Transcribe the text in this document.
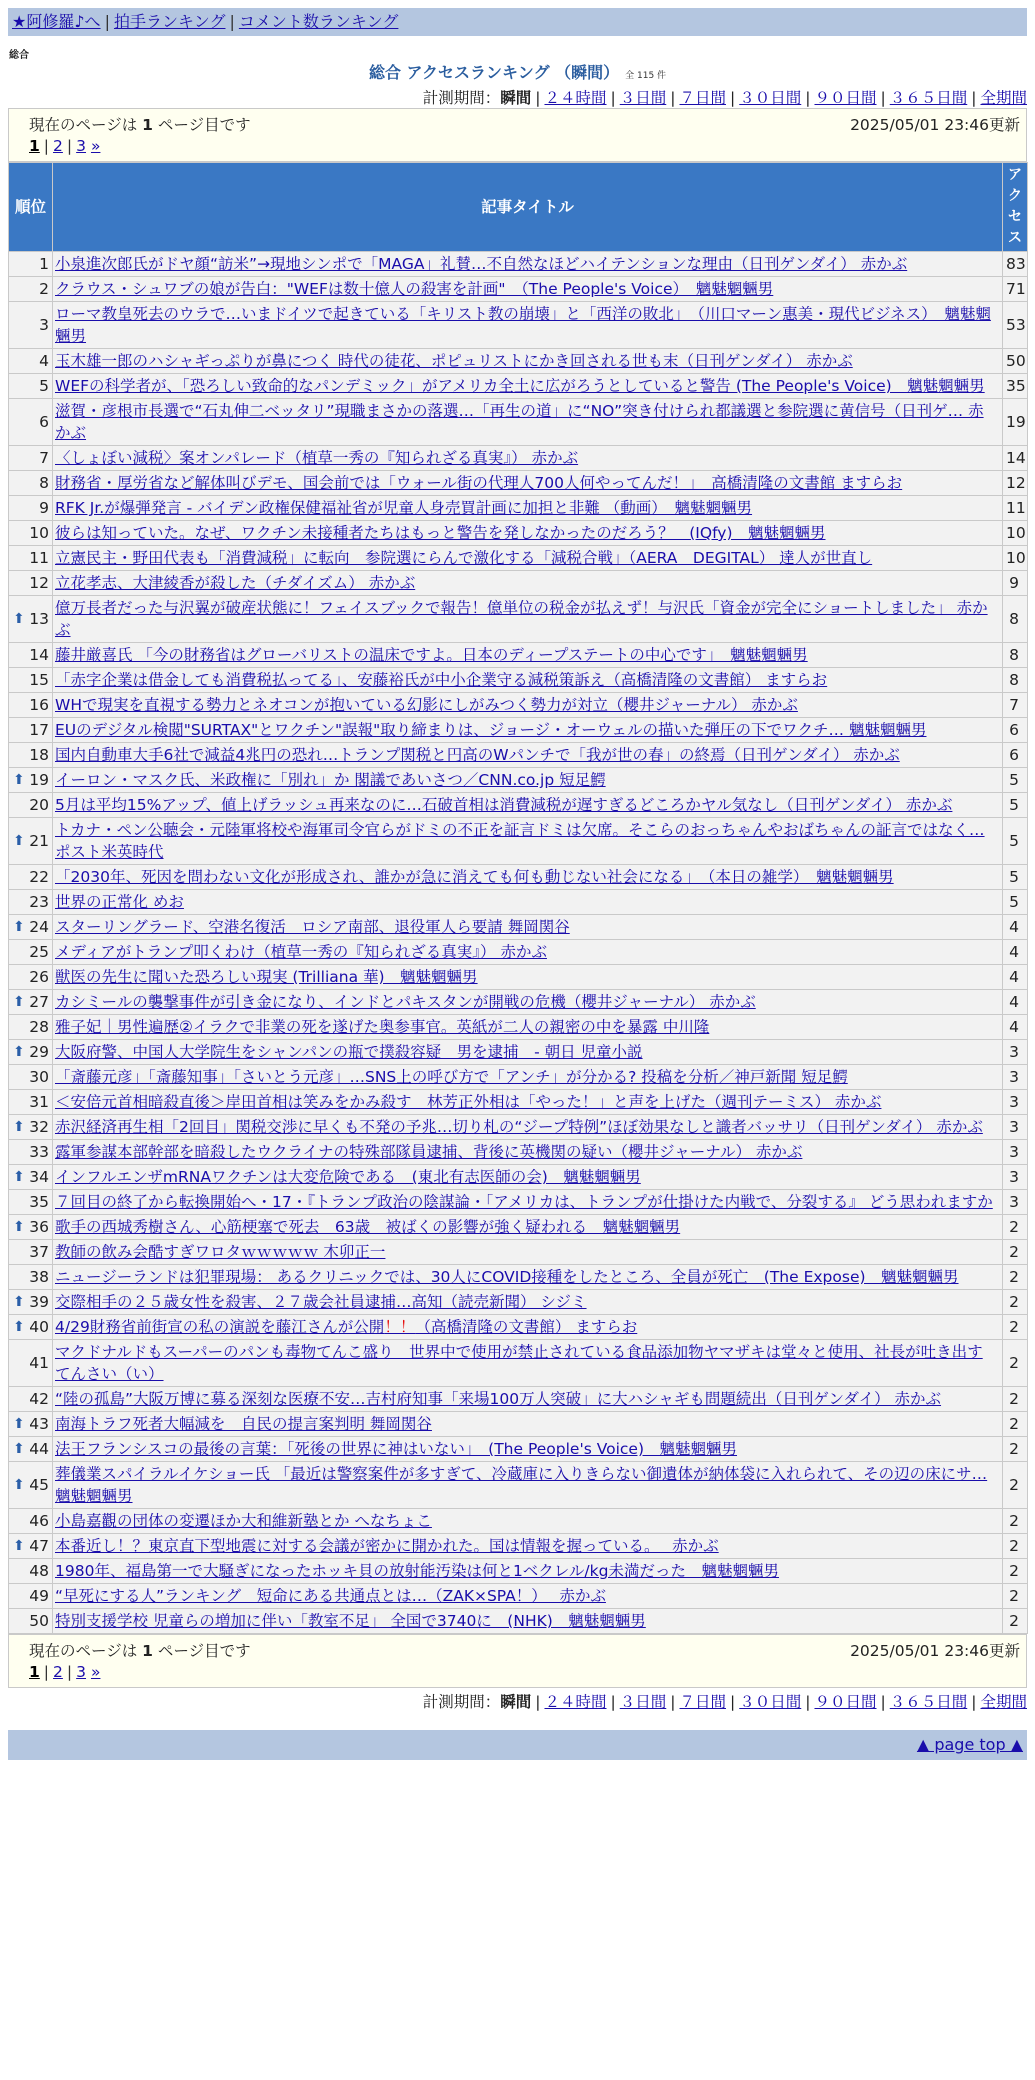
★阿修羅♪へ | 拍手ランキング | コメント数ランキング
総合
総合 アクセスランキング （瞬間） 全 115 件
計測期間：瞬間 | ２４時間 | ３日間 | ７日間 | ３０日間 | ９０日間 | ３６５日間 | 全期間
現在のページは 1 ページ目です	2025/05/01 23:46更新
1 | 2 | 3 »
順位	記事タイトル	アクセス
1	小泉進次郎氏がドヤ顔“訪米”→現地シンポで「MAGA」礼賛…不自然なほどハイテンションな理由（日刊ゲンダイ） 赤かぶ	83
2	クラウス・シュワブの娘が告白："WEFは数十億人の殺害を計画"　（The People's Voice）　魑魅魍魎男	71
3	ローマ教皇死去のウラで…いまドイツで起きている「キリスト教の崩壊」と「西洋の敗北」　（川口マーン惠美・現代ビジネス）　魑魅魍魎男	53
4	玉木雄一郎のハシャギっぷりが鼻につく 時代の徒花、ポピュリストにかき回される世も末（日刊ゲンダイ） 赤かぶ	50
5	WEFの科学者が、「恐ろしい致命的なパンデミック」がアメリカ全土に広がろうとしていると警告 (The People's Voice)　魑魅魍魎男	35
6	滋賀・彦根市長選で“石丸伸二ベッタリ”現職まさかの落選…「再生の道」に“NO”突き付けられ都議選と参院選に黄信号（日刊ゲ… 赤かぶ	19
7	〈しょぼい減税〉案オンパレード（植草一秀の『知られざる真実』） 赤かぶ	14
8	財務省・厚労省など解体叫びデモ、国会前では「ウォール街の代理人700人何やってんだ！」　高橋清隆の文書館 ますらお	12
9	RFK Jr.が爆弾発言 - バイデン政権保健福祉省が児童人身売買計画に加担と非難 （動画）　魑魅魍魎男	11
10	彼らは知っていた。なぜ、ワクチン未接種者たちはもっと警告を発しなかったのだろう？　(IQfy)　魑魅魍魎男	10
11	立憲民主・野田代表も「消費減税」に転向　参院選にらんで激化する「減税合戦」（AERA　DEGITAL） 達人が世直し	10
12	立花孝志、大津綾香が殺した（チダイズム） 赤かぶ	9

⬆ 13	億万長者だった与沢翼が破産状態に！フェイスブックで報告！億単位の税金が払えず！与沢氏「資金が完全にショートしました」 赤かぶ	8
14	藤井厳喜氏 「今の財務省はグローバリストの温床ですよ。日本のディープステートの中心です」　魑魅魍魎男	8
15	「赤字企業は借金しても消費税払ってる」、安藤裕氏が中小企業守る減税策訴え（高橋清隆の文書館） ますらお	8
16	WHで現実を直視する勢力とネオコンが抱いている幻影にしがみつく勢力が対立（櫻井ジャーナル） 赤かぶ	7
17	EUのデジタル検閲"SURTAX"とワクチン"誤報"取り締まりは、ジョージ・オーウェルの描いた弾圧の下でワクチ… 魑魅魍魎男	6
18	国内自動車大手6社で減益4兆円の恐れ…トランプ関税と円高のWパンチで「我が世の春」の終焉（日刊ゲンダイ） 赤かぶ	6

⬆ 19	イーロン・マスク氏、米政権に「別れ」か 閣議であいさつ／CNN.co.jp 短足鰐	5
20	5月は平均15%アップ、値上げラッシュ再来なのに…石破首相は消費減税が遅すぎるどころかヤル気なし（日刊ゲンダイ） 赤かぶ	5

⬆ 21	トカナ・ペン公聴会・元陸軍将校や海軍司令官らがドミの不正を証言ドミは欠席。そこらのおっちゃんやおばちゃんの証言ではなく… ポスト米英時代	5
22	「2030年、死因を問わない文化が形成され、誰かが急に消えても何も動じない社会になる」　（本日の雑学）　魑魅魍魎男	5
23	世界の正常化 めお	5

⬆ 24	スターリングラード、空港名復活　ロシア南部、退役軍人ら要請 舞岡関谷	4
25	メディアがトランプ叩くわけ（植草一秀の『知られざる真実』） 赤かぶ	4
26	獣医の先生に聞いた恐ろしい現実 (Trilliana 華)　魑魅魍魎男	4

⬆ 27	カシミールの襲撃事件が引き金になり、インドとパキスタンが開戦の危機（櫻井ジャーナル） 赤かぶ	4
28	雅子妃｜男性遍歴②イラクで非業の死を遂げた奥参事官。英紙が二人の親密の中を暴露 中川隆	4

⬆ 29	大阪府警、中国人大学院生をシャンパンの瓶で撲殺容疑　男を逮捕　- 朝日 児童小説	3
30	「斎藤元彦」「斎藤知事」「さいとう元彦」…SNS上の呼び方で「アンチ」が分かる? 投稿を分析／神戸新聞 短足鰐	3
31	＜安倍元首相暗殺直後＞岸田首相は笑みをかみ殺す　林芳正外相は「やった！」と声を上げた（週刊テーミス） 赤かぶ	3

⬆ 32	赤沢経済再生相「2回目」関税交渉に早くも不発の予兆…切り札の“ジープ特例”ほぼ効果なしと識者バッサリ（日刊ゲンダイ） 赤かぶ	3
33	露軍参謀本部幹部を暗殺したウクライナの特殊部隊員逮捕、背後に英機関の疑い（櫻井ジャーナル） 赤かぶ	3

⬆ 34	インフルエンザmRNAワクチンは大変危険である　(東北有志医師の会)　魑魅魍魎男	3
35	７回目の終了から転換開始へ・17・『トランプ政治の陰謀論・「アメリカは、トランプが仕掛けた内戦で、分裂する』 どう思われますか	3

⬆ 36	歌手の西城秀樹さん、心筋梗塞で死去　63歳　被ばくの影響が強く疑われる　魑魅魍魎男	2
37	教師の飲み会酷すぎワロタｗｗｗｗｗ 木卯正一	2
38	ニュージーランドは犯罪現場： あるクリニックでは、30人にCOVID接種をしたところ、全員が死亡　(The Expose)　魑魅魍魎男	2

⬆ 39	交際相手の２５歳女性を殺害、２７歳会社員逮捕…高知（読売新聞） シジミ	2

⬆ 40	4/29財務省前街宣の私の演説を藤江さんが公開！！（高橋清隆の文書館） ますらお	2
41	マクドナルドもスーパーのパンも毒物てんこ盛り　世界中で使用が禁止されている食品添加物ヤマザキは堂々と使用、社長が吐き出す てんさい（い）	2
42	“陸の孤島”大阪万博に募る深刻な医療不安…吉村府知事「来場100万人突破」に大ハシャギも問題続出（日刊ゲンダイ） 赤かぶ	2

⬆ 43	南海トラフ死者大幅減を　自民の提言案判明 舞岡関谷	2

⬆ 44	法王フランシスコの最後の言葉：「死後の世界に神はいない」　(The People's Voice)　魑魅魍魎男	2

⬆ 45	葬儀業スパイラルイケショー氏 「最近は警察案件が多すぎて、冷蔵庫に入りきらない御遺体が納体袋に入れられて、その辺の床にサ… 魑魅魍魎男	2
46	小島嘉觀の団体の変遷ほか大和維新塾とか へなちょこ	2

⬆ 47	本番近し！？東京直下型地震に対する会議が密かに開かれた。国は情報を握っている。　 赤かぶ	2
48	1980年、福島第一で大騒ぎになったホッキ貝の放射能汚染は何と1ベクレル/kg未満だった　魑魅魍魎男	2
49	“早死にする人”ランキング　短命にある共通点とは…（ZAK×SPA！）　 赤かぶ	2
50	特別支援学校 児童らの増加に伴い「教室不足」 全国で3740に　(NHK)　魑魅魍魎男	2
現在のページは 1 ページ目です	2025/05/01 23:46更新
1 | 2 | 3 »
計測期間：瞬間 | ２４時間 | ３日間 | ７日間 | ３０日間 | ９０日間 | ３６５日間 | 全期間
▲ page top ▲
